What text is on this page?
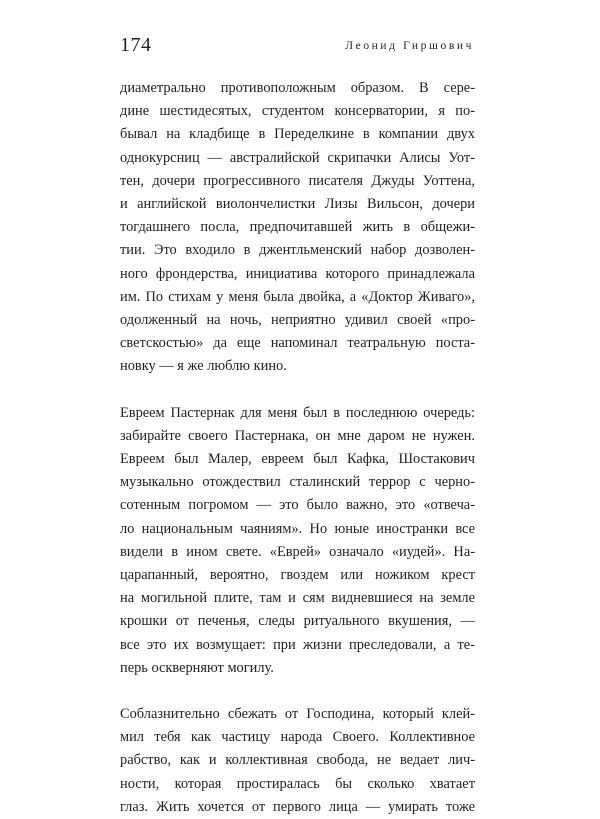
174	Леонид Гиршович

диаметрально противоположным образом. В сере-
дине шестидесятых, студентом консерватории, я по-
бывал на кладбище в Переделкине в компании двух
однокурсниц — австралийской скрипачки Алисы Уот-
тен, дочери прогрессивного писателя Джуды Уоттена,
и английской виолончелистки Лизы Вильсон, дочери
тогдашнего посла, предпочитавшей жить в общежи-
тии. Это входило в джентльменский набор дозволен-
ного фрондерства, инициатива которого принадлежала
им. По стихам у меня была двойка, а «Доктор Живаго»,
одолженный на ночь, неприятно удивил своей «про-
светскостью» да еще напоминал театральную поста-
новку — я же люблю кино.

Евреем Пастернак для меня был в последнюю очередь:
забирайте своего Пастернака, он мне даром не нужен.
Евреем был Малер, евреем был Кафка, Шостакович
музыкально отождествил сталинский террор с черно-
сотенным погромом — это было важно, это «отвеча-
ло национальным чаяниям». Но юные иностранки все
видели в ином свете. «Еврей» означало «иудей». На-
царапанный, вероятно, гвоздем или ножиком крест
на могильной плите, там и сям видневшиеся на земле
крошки от печенья, следы ритуального вкушения, —
все это их возмущает: при жизни преследовали, а те-
перь оскверняют могилу.

Соблазнительно сбежать от Господина, который клей-
мил тебя как частицу народа Своего. Коллективное
рабство, как и коллективная свобода, не ведает лич-
ности, которая простиралась бы сколько хватает
глаз. Жить хочется от первого лица — умирать тоже
